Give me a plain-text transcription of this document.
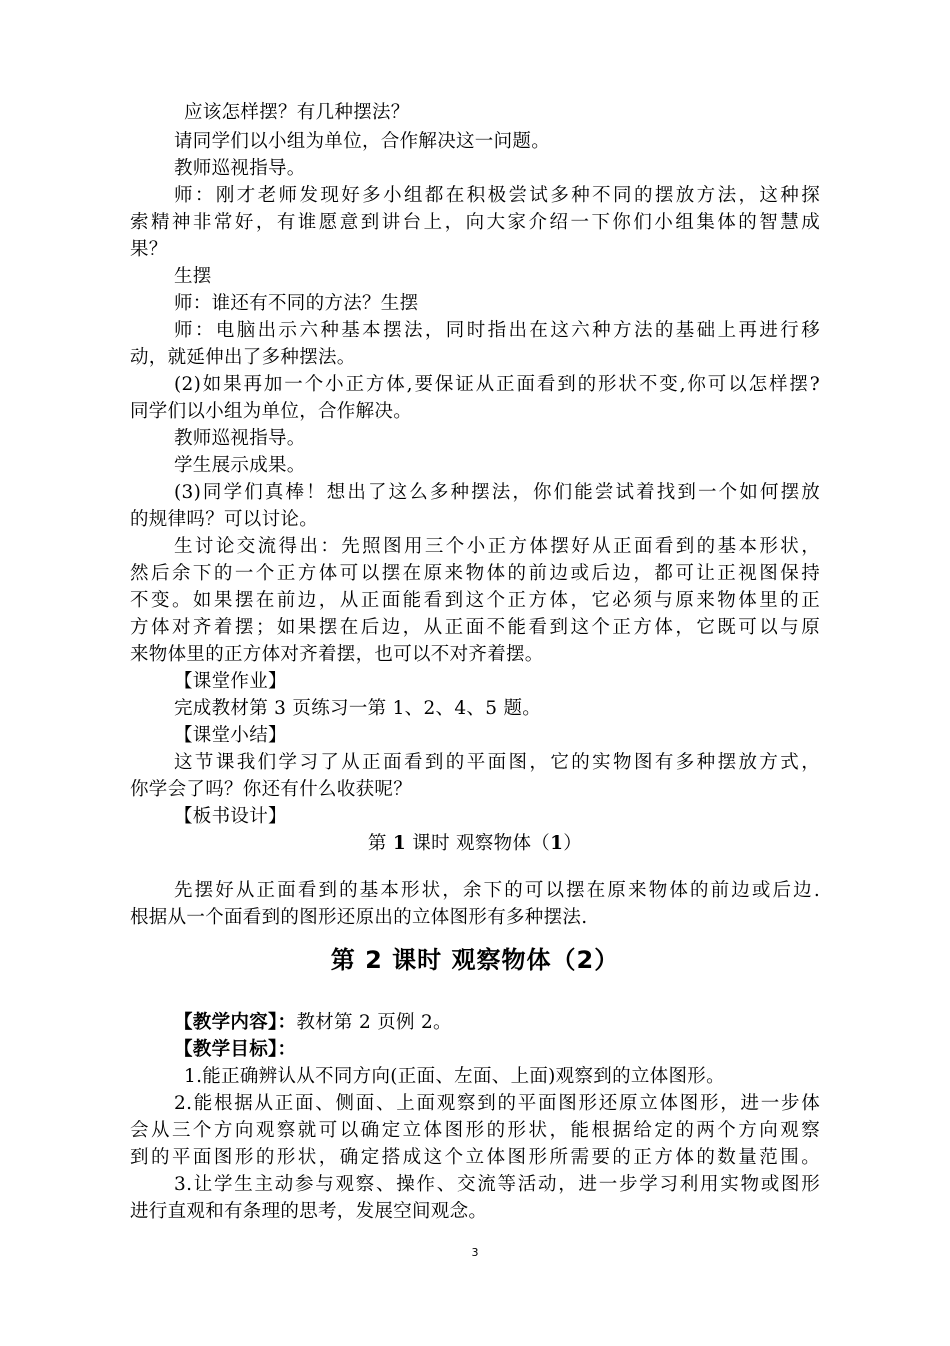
应该怎样摆？有几种摆法？
请同学们以小组为单位，合作解决这一问题。
教师巡视指导。
师：刚才老师发现好多小组都在积极尝试多种不同的摆放方法，这种探
索精神非常好，有谁愿意到讲台上，向大家介绍一下你们小组集体的智慧成
果？
生摆
师：谁还有不同的方法？生摆
师：电脑出示六种基本摆法，同时指出在这六种方法的基础上再进行移
动，就延伸出了多种摆法。
(2)如果再加一个小正方体,要保证从正面看到的形状不变,你可以怎样摆?
同学们以小组为单位，合作解决。
教师巡视指导。
学生展示成果。
(3)同学们真棒！想出了这么多种摆法，你们能尝试着找到一个如何摆放
的规律吗？可以讨论。
生讨论交流得出：先照图用三个小正方体摆好从正面看到的基本形状，
然后余下的一个正方体可以摆在原来物体的前边或后边，都可让正视图保持
不变。如果摆在前边，从正面能看到这个正方体，它必须与原来物体里的正
方体对齐着摆；如果摆在后边，从正面不能看到这个正方体，它既可以与原
来物体里的正方体对齐着摆，也可以不对齐着摆。
【课堂作业】
完成教材第 3 页练习一第 1、2、4、5 题。
【课堂小结】
这节课我们学习了从正面看到的平面图，它的实物图有多种摆放方式，
你学会了吗？你还有什么收获呢？
【板书设计】
第 1 课时 观察物体（1）
先摆好从正面看到的基本形状，余下的可以摆在原来物体的前边或后边.
根据从一个面看到的图形还原出的立体图形有多种摆法.
第 2 课时 观察物体（2）
【教学内容】：教材第 2 页例 2。
【教学目标】：
1.能正确辨认从不同方向(正面、左面、上面)观察到的立体图形。
2.能根据从正面、侧面、上面观察到的平面图形还原立体图形，进一步体
会从三个方向观察就可以确定立体图形的形状，能根据给定的两个方向观察
到的平面图形的形状，确定搭成这个立体图形所需要的正方体的数量范围。
3.让学生主动参与观察、操作、交流等活动，进一步学习利用实物或图形
进行直观和有条理的思考，发展空间观念。
3
